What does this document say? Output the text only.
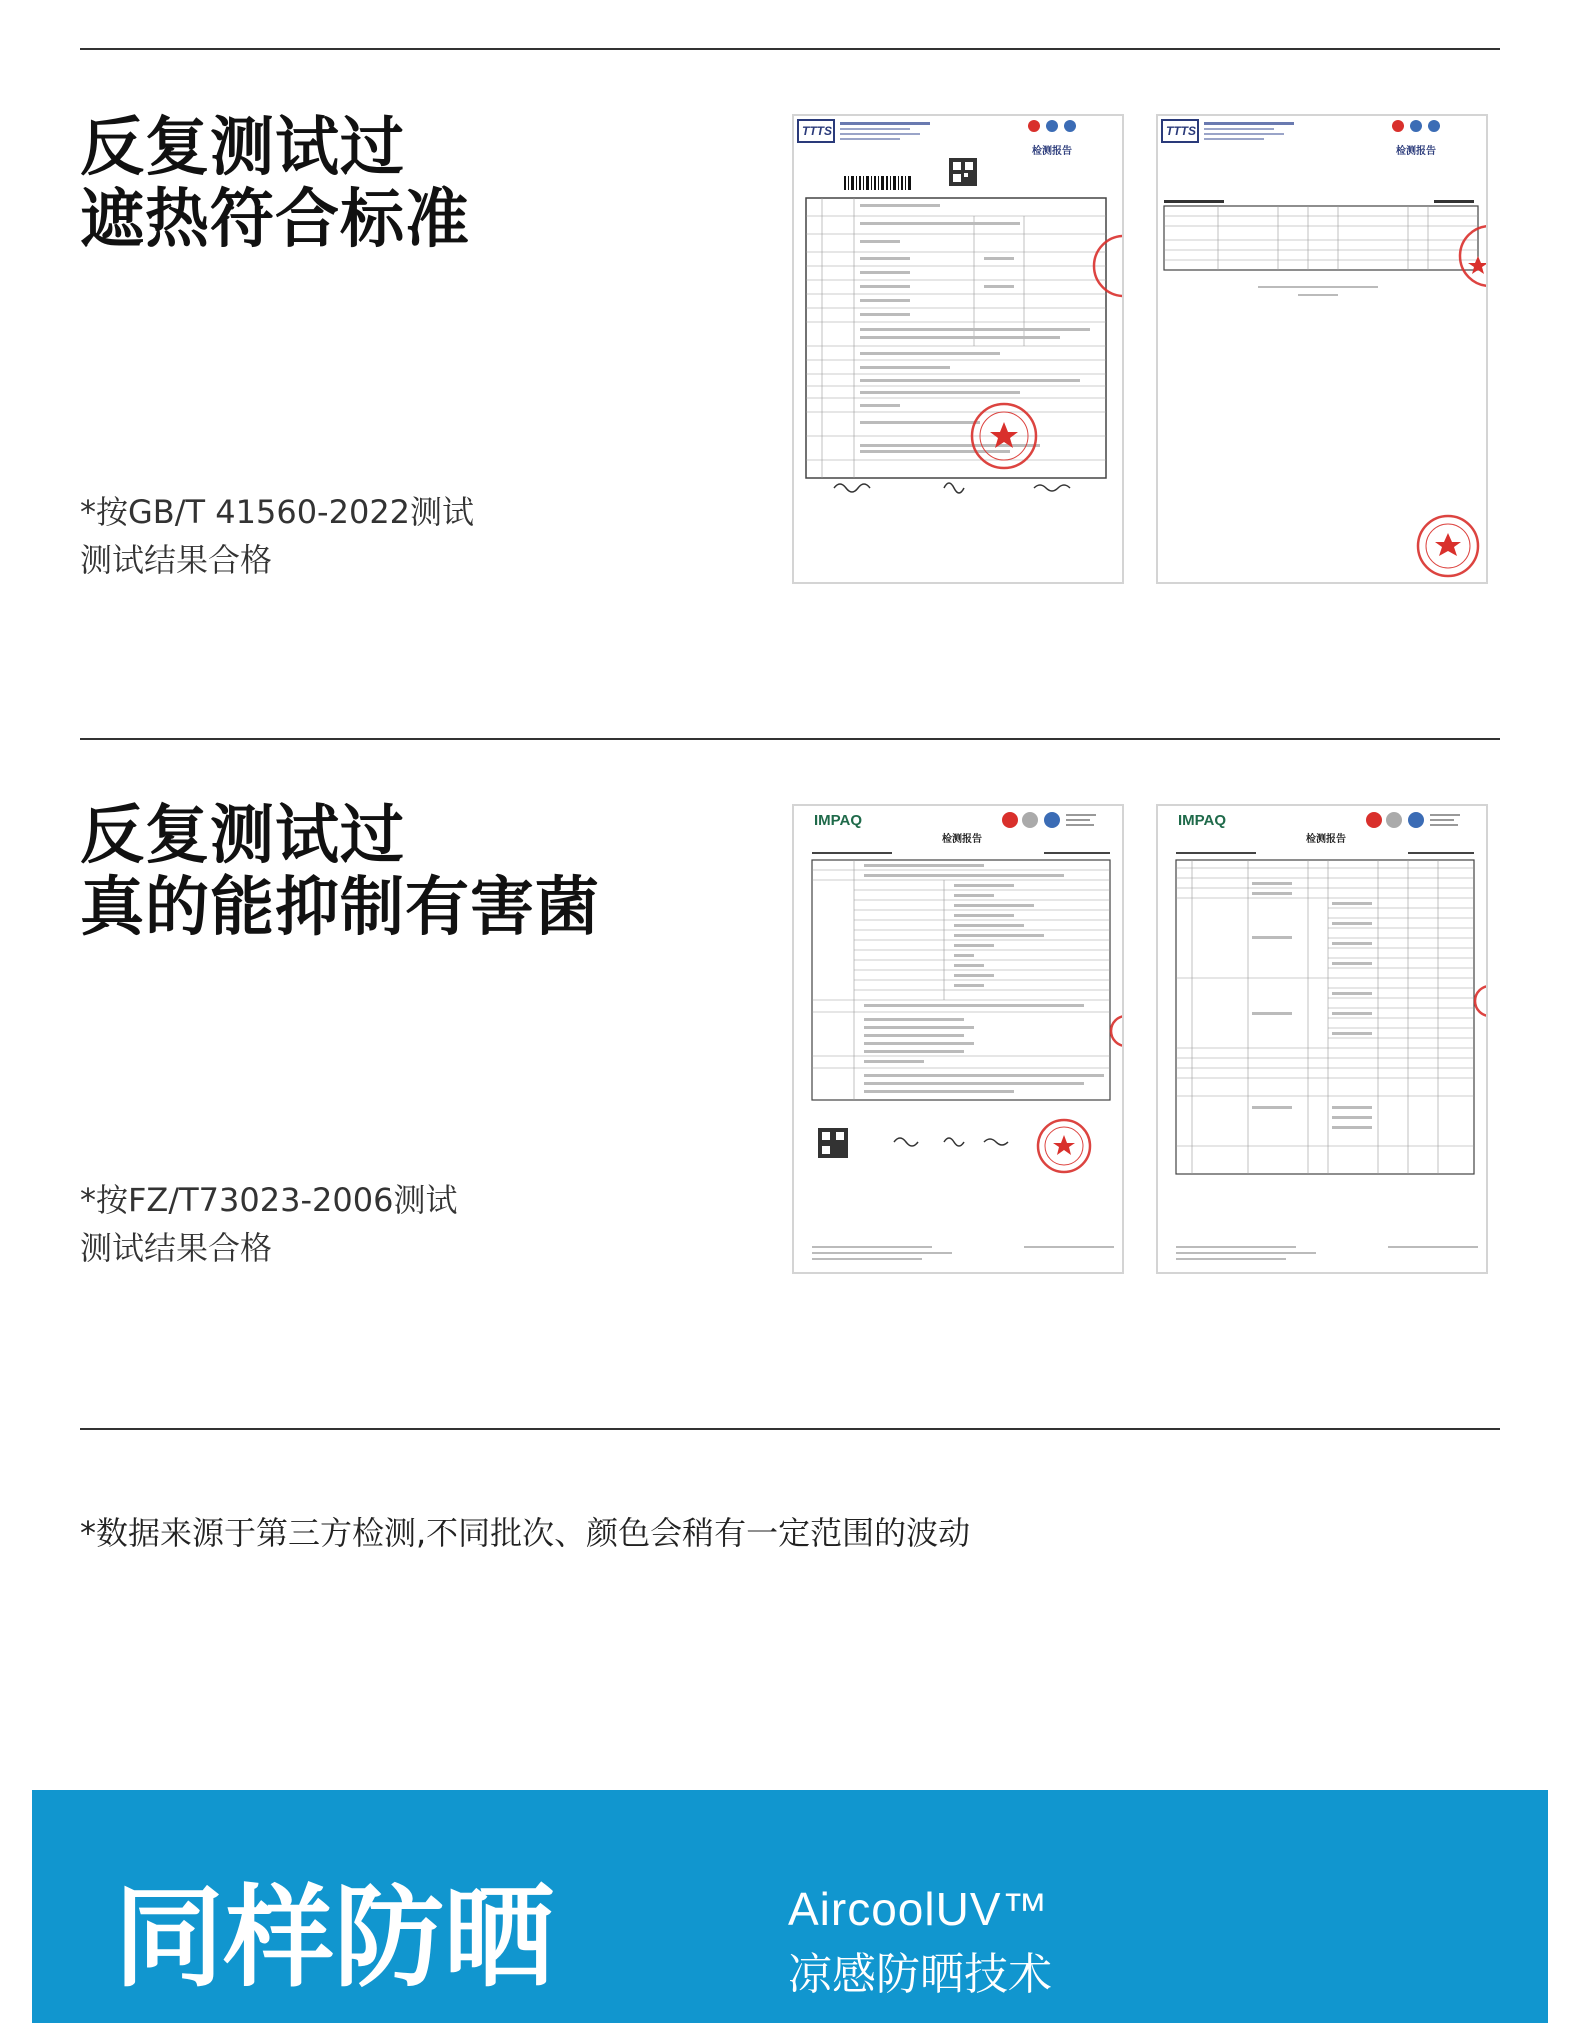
反复测试过
遮热符合标准
*按GB/T 41560-2022测试
测试结果合格
TTTS
检测报告
TTTS
检测报告
反复测试过
真的能抑制有害菌
*按FZ/T73023-2006测试
测试结果合格
IMPAQ
检测报告
IMPAQ
检测报告
*数据来源于第三方检测,不同批次、颜色会稍有一定范围的波动
同样防晒	AircoolUV™
凉感防晒技术
